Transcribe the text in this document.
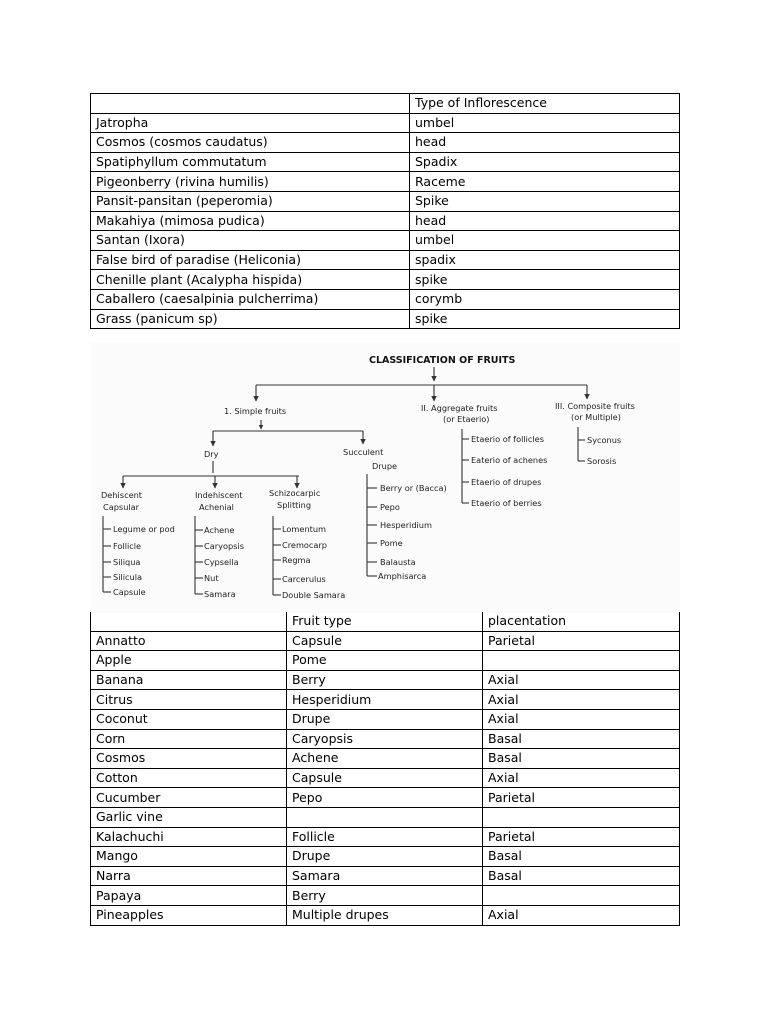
	Type of Inflorescence
Jatropha	umbel
Cosmos (cosmos caudatus)	head
Spatiphyllum commutatum	Spadix
Pigeonberry (rivina humilis)	Raceme
Pansit-pansitan (peperomia)	Spike
Makahiya (mimosa pudica)	head
Santan (Ixora)	umbel
False bird of paradise (Heliconia)	spadix
Chenille plant (Acalypha hispida)	spike
Caballero (caesalpinia pulcherrima)	corymb
Grass (panicum sp)	spike
CLASSIFICATION OF FRUITS
1. Simple fruits	II. Aggregate fruits
(or Etaerio)
III. Composite fruits
(or Multiple)
Dry	Succulent
Drupe
Dehiscent
Capsular
Indehiscent
Achenial
Schizocarpic
Splitting
Legume or pod
Follicle
Siliqua
Silicula
Capsule
Achene
Caryopsis
Cypsella
Nut
Samara
Lomentum
Cremocarp
Regma
Carcerulus
Double Samara
Berry or (Bacca)
Pepo
Hesperidium
Pome
Balausta
Amphisarca
Etaerio of follicles
Eaterio of achenes
Etaerio of drupes
Etaerio of berries
Syconus
Sorosis
	Fruit type	placentation
Annatto	Capsule	Parietal
Apple	Pome	
Banana	Berry	Axial
Citrus	Hesperidium	Axial
Coconut	Drupe	Axial
Corn	Caryopsis	Basal
Cosmos	Achene	Basal
Cotton	Capsule	Axial
Cucumber	Pepo	Parietal
Garlic vine		
Kalachuchi	Follicle	Parietal
Mango	Drupe	Basal
Narra	Samara	Basal
Papaya	Berry	
Pineapples	Multiple drupes	Axial
